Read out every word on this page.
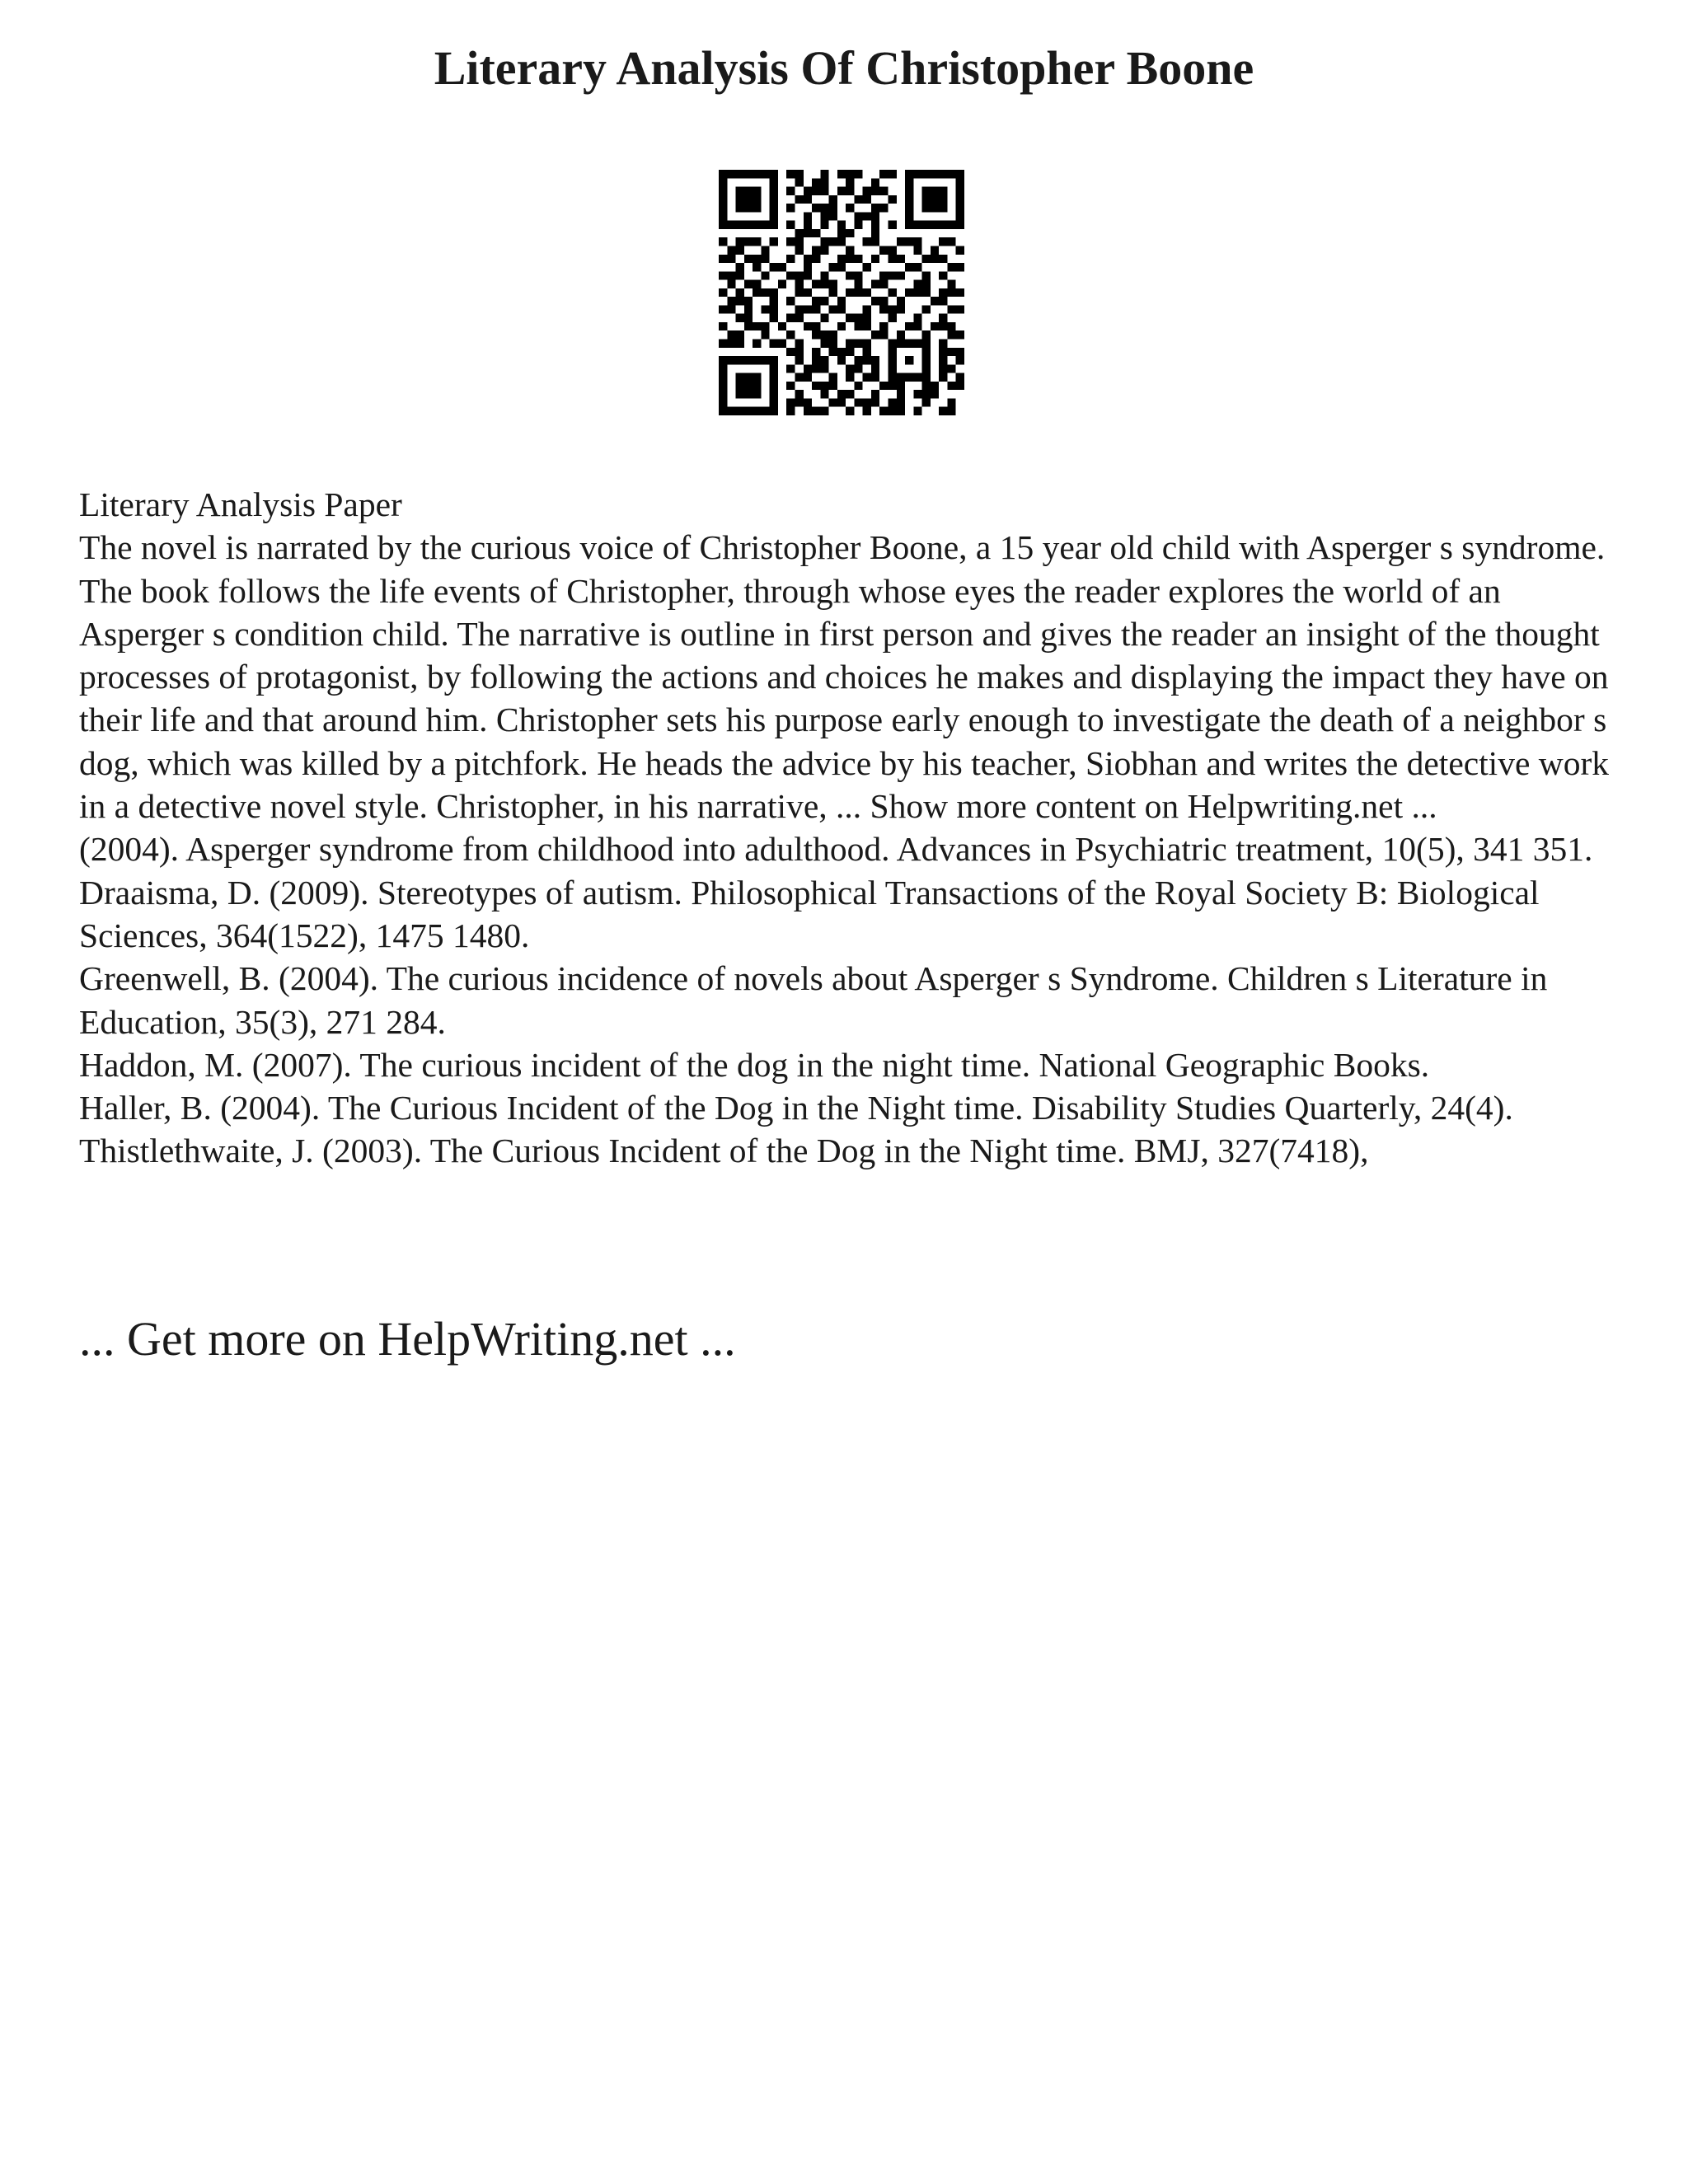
Literary Analysis Of Christopher Boone

Literary Analysis Paper

The novel is narrated by the curious voice of Christopher Boone, a 15 year old child with Asperger s syndrome. The book follows the life events of Christopher, through whose eyes the reader explores the world of an Asperger s condition child. The narrative is outline in first person and gives the reader an insight of the thought processes of protagonist, by following the actions and choices he makes and displaying the impact they have on their life and that around him. Christopher sets his purpose early enough to investigate the death of a neighbor s dog, which was killed by a pitchfork. He heads the advice by his teacher, Siobhan and writes the detective work in a detective novel style. Christopher, in his narrative, ... Show more content on Helpwriting.net ...

(2004). Asperger syndrome from childhood into adulthood. Advances in Psychiatric treatment, 10(5), 341 351.

Draaisma, D. (2009). Stereotypes of autism. Philosophical Transactions of the Royal Society B: Biological Sciences, 364(1522), 1475 1480.

Greenwell, B. (2004). The curious incidence of novels about Asperger s Syndrome. Children s Literature in Education, 35(3), 271 284.

Haddon, M. (2007). The curious incident of the dog in the night time. National Geographic Books.

Haller, B. (2004). The Curious Incident of the Dog in the Night time. Disability Studies Quarterly, 24(4). Thistlethwaite, J. (2003). The Curious Incident of the Dog in the Night time. BMJ, 327(7418),

... Get more on HelpWriting.net ...
